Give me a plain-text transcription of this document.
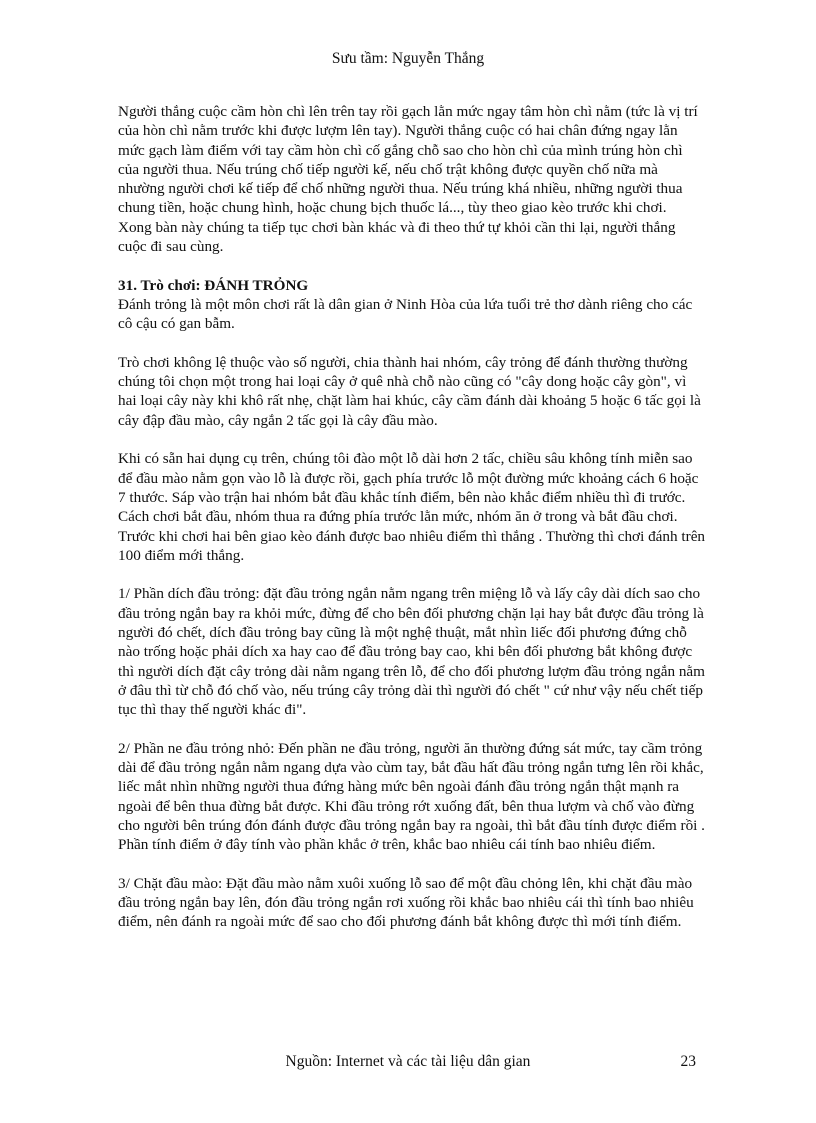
Sưu tầm: Nguyễn Thắng

Người thắng cuộc cầm hòn chì lên trên tay rồi gạch lằn mức ngay tâm hòn chì nằm (tức là vị trí của hòn chì nằm trước khi được lượm lên tay). Người thắng cuộc có hai chân đứng ngay lằn mức gạch làm điểm với tay cầm hòn chì cố gắng chỗ sao cho hòn chì của mình trúng hòn chì của người thua. Nếu trúng chố tiếp người kế, nếu chố trật không được quyền chố nữa mà nhường người chơi kế tiếp để chố những người thua. Nếu trúng khá nhiều, những người thua chung tiền, hoặc chung hình, hoặc chung bịch thuốc lá..., tùy theo giao kèo trước khi chơi.

Xong bàn này chúng ta tiếp tục chơi bàn khác và đi theo thứ tự khỏi cần thi lại, người thắng cuộc đi sau cùng.

31. Trò chơi: ĐÁNH TRỎNG

Đánh trỏng là một môn chơi rất là dân gian ở Ninh Hòa của lứa tuổi trẻ thơ dành riêng cho các cô cậu có gan bẫm.

Trò chơi không lệ thuộc vào số người, chia thành hai nhóm, cây trỏng để đánh thường thường chúng tôi chọn một trong hai loại cây ở quê nhà chỗ nào cũng có "cây dong hoặc cây gòn", vì hai loại cây này khi khô rất nhẹ, chặt làm hai khúc, cây cầm đánh dài khoảng 5 hoặc 6 tấc gọi là cây đập đầu mào, cây ngắn 2 tấc gọi là cây đầu mào.

Khi có sẵn hai dụng cụ trên, chúng tôi đào một lỗ dài hơn 2 tấc, chiều sâu không tính miễn sao để đầu mào nằm gọn vào lỗ là được rồi, gạch phía trước lỗ một đường mức khoảng cách 6 hoặc 7 thước. Sáp vào trận hai nhóm bắt đầu khắc tính điểm, bên nào khắc điểm nhiều thì đi trước. Cách chơi bắt đầu, nhóm thua ra đứng phía trước lằn mức, nhóm ăn ở trong và bắt đầu chơi. Trước khi chơi hai bên giao kèo đánh được bao nhiêu điểm thì thắng . Thường thì chơi đánh trên 100 điểm mới thắng.

1/ Phần dích đầu trỏng: đặt đầu trỏng ngắn nằm ngang trên miệng lỗ và lấy cây dài dích sao cho đầu trỏng ngắn bay ra khỏi mức, đừng để cho bên đối phương chặn lại hay bắt được đầu trỏng là người đó chết, dích đầu trỏng bay cũng là một nghệ thuật, mắt nhìn liếc đối phương đứng chỗ nào trống hoặc phải dích xa hay cao để đầu trỏng bay cao, khi bên đối phương bắt không được thì người dích đặt cây trỏng dài nằm ngang trên lỗ, để cho đối phương lượm đầu trỏng ngắn nằm ở đâu thì từ chỗ đó chố vào, nếu trúng cây trỏng dài thì người đó chết " cứ như vậy nếu chết tiếp tục thì thay thế người khác đi".

2/ Phần ne đầu trỏng nhỏ: Đến phần ne đầu trỏng, người ăn thường đứng sát mức, tay cầm trỏng dài để đầu trỏng ngắn nằm ngang dựa vào cùm tay, bắt đầu hất đầu trỏng ngắn tưng lên rồi khắc, liếc mắt nhìn những người thua đứng hàng mức bên ngoài đánh đầu trỏng ngắn thật mạnh ra ngoài để bên thua đừng bắt được. Khi đầu trỏng rớt xuống đất, bên thua lượm và chố vào đừng cho người bên trúng đón đánh được đầu trỏng ngắn bay ra ngoài, thì bắt đầu tính được điểm rồi . Phần tính điểm ở đây tính vào phần khắc ở trên, khắc bao nhiêu cái tính bao nhiêu điểm.

3/ Chặt đầu mào: Đặt đầu mào nằm xuôi xuống lỗ sao để một đầu chỏng lên, khi chặt đầu mào đầu trỏng ngắn bay lên, đón đầu trỏng ngắn rơi xuống rồi khắc bao nhiêu cái thì tính bao nhiêu điểm, nên đánh ra ngoài mức để sao cho đối phương đánh bắt không được thì mới tính điểm.

Nguồn: Internet và các tài liệu dân gian	23
